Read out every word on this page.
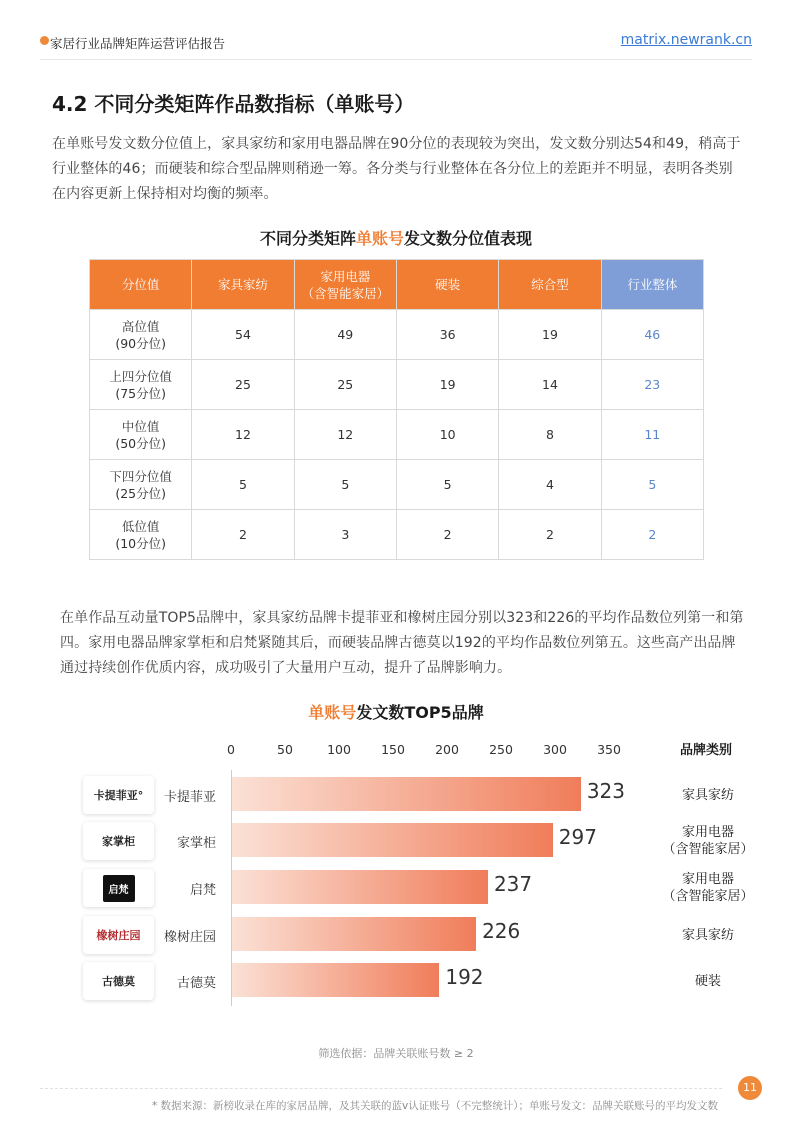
家居行业品牌矩阵运营评估报告	matrix.newrank.cn
4.2 不同分类矩阵作品数指标（单账号）

在单账号发文数分位值上，家具家纺和家用电器品牌在90分位的表现较为突出，发文数分别达54和49，稍高于行业整体的46；而硬装和综合型品牌则稍逊一筹。各分类与行业整体在各分位上的差距并不明显，表明各类别在内容更新上保持相对均衡的频率。

不同分类矩阵单账号发文数分位值表现
分位值	家具家纺	家用电器
（含智能家居）	硬装	综合型	行业整体
高位值
(90分位)	54	49	36	19	46
上四分位值
(75分位)	25	25	19	14	23
中位值
(50分位)	12	12	10	8	11
下四分位值
(25分位)	5	5	5	4	5
低位值
(10分位)	2	3	2	2	2

在单作品互动量TOP5品牌中，家具家纺品牌卡提菲亚和橡树庄园分别以323和226的平均作品数位列第一和第四。家用电器品牌家掌柜和启梵紧随其后，而硬装品牌古德莫以192的平均作品数位列第五。这些高产出品牌通过持续创作优质内容，成功吸引了大量用户互动，提升了品牌影响力。

单账号发文数TOP5品牌
品牌类别
0	50	100 150 200 250 300 350
卡提菲亚°	卡提菲亚	323	家具家纺
家掌柜	家掌柜	297	家用电器
（含智能家居）
启梵	启梵	237	家用电器
（含智能家居）
橡树庄园	橡树庄园	226	家具家纺
古德莫	古德莫	192	硬装
筛选依据：品牌关联账号数 ≥ 2
11
* 数据来源：新榜收录在库的家居品牌，及其关联的蓝v认证账号（不完整统计）；单账号发文：品牌关联账号的平均发文数
